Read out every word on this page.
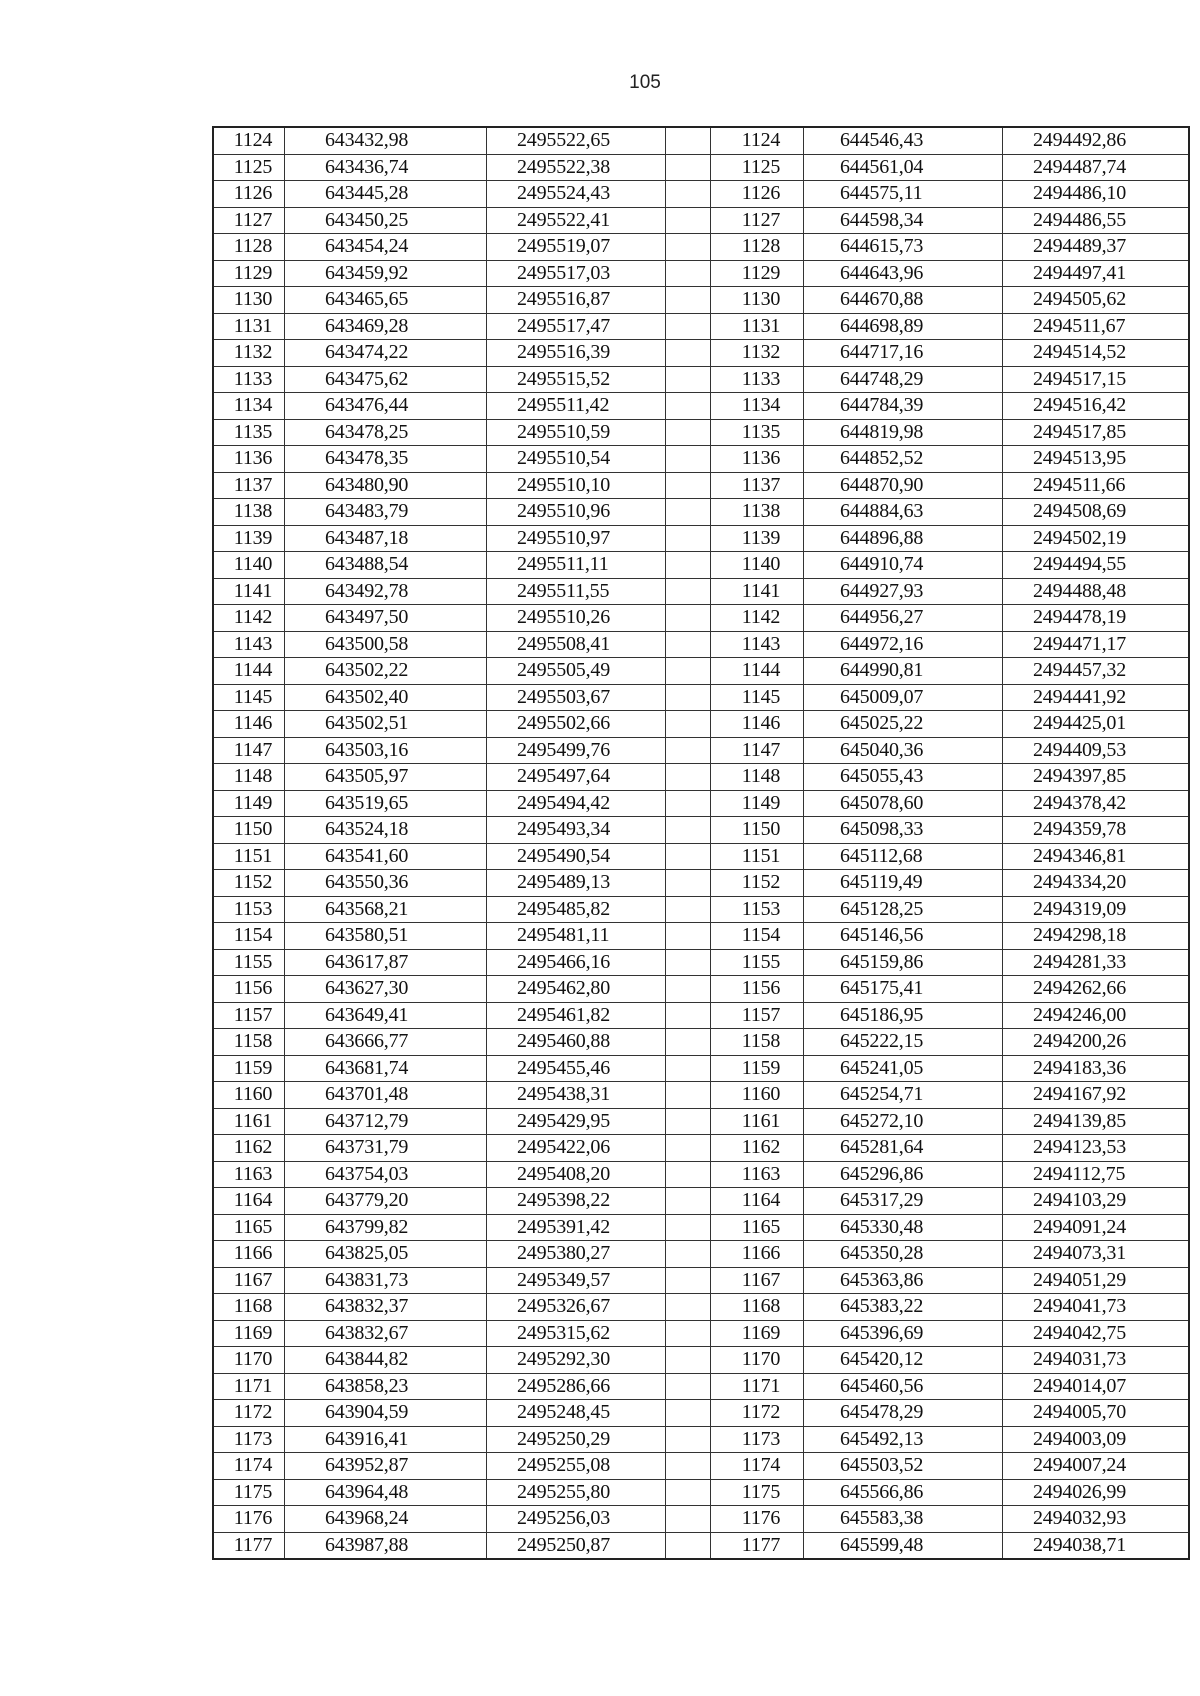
105
1124	643432,98	2495522,65		1124	644546,43	2494492,86
1125	643436,74	2495522,38		1125	644561,04	2494487,74
1126	643445,28	2495524,43		1126	644575,11	2494486,10
1127	643450,25	2495522,41		1127	644598,34	2494486,55
1128	643454,24	2495519,07		1128	644615,73	2494489,37
1129	643459,92	2495517,03		1129	644643,96	2494497,41
1130	643465,65	2495516,87		1130	644670,88	2494505,62
1131	643469,28	2495517,47		1131	644698,89	2494511,67
1132	643474,22	2495516,39		1132	644717,16	2494514,52
1133	643475,62	2495515,52		1133	644748,29	2494517,15
1134	643476,44	2495511,42		1134	644784,39	2494516,42
1135	643478,25	2495510,59		1135	644819,98	2494517,85
1136	643478,35	2495510,54		1136	644852,52	2494513,95
1137	643480,90	2495510,10		1137	644870,90	2494511,66
1138	643483,79	2495510,96		1138	644884,63	2494508,69
1139	643487,18	2495510,97		1139	644896,88	2494502,19
1140	643488,54	2495511,11		1140	644910,74	2494494,55
1141	643492,78	2495511,55		1141	644927,93	2494488,48
1142	643497,50	2495510,26		1142	644956,27	2494478,19
1143	643500,58	2495508,41		1143	644972,16	2494471,17
1144	643502,22	2495505,49		1144	644990,81	2494457,32
1145	643502,40	2495503,67		1145	645009,07	2494441,92
1146	643502,51	2495502,66		1146	645025,22	2494425,01
1147	643503,16	2495499,76		1147	645040,36	2494409,53
1148	643505,97	2495497,64		1148	645055,43	2494397,85
1149	643519,65	2495494,42		1149	645078,60	2494378,42
1150	643524,18	2495493,34		1150	645098,33	2494359,78
1151	643541,60	2495490,54		1151	645112,68	2494346,81
1152	643550,36	2495489,13		1152	645119,49	2494334,20
1153	643568,21	2495485,82		1153	645128,25	2494319,09
1154	643580,51	2495481,11		1154	645146,56	2494298,18
1155	643617,87	2495466,16		1155	645159,86	2494281,33
1156	643627,30	2495462,80		1156	645175,41	2494262,66
1157	643649,41	2495461,82		1157	645186,95	2494246,00
1158	643666,77	2495460,88		1158	645222,15	2494200,26
1159	643681,74	2495455,46		1159	645241,05	2494183,36
1160	643701,48	2495438,31		1160	645254,71	2494167,92
1161	643712,79	2495429,95		1161	645272,10	2494139,85
1162	643731,79	2495422,06		1162	645281,64	2494123,53
1163	643754,03	2495408,20		1163	645296,86	2494112,75
1164	643779,20	2495398,22		1164	645317,29	2494103,29
1165	643799,82	2495391,42		1165	645330,48	2494091,24
1166	643825,05	2495380,27		1166	645350,28	2494073,31
1167	643831,73	2495349,57		1167	645363,86	2494051,29
1168	643832,37	2495326,67		1168	645383,22	2494041,73
1169	643832,67	2495315,62		1169	645396,69	2494042,75
1170	643844,82	2495292,30		1170	645420,12	2494031,73
1171	643858,23	2495286,66		1171	645460,56	2494014,07
1172	643904,59	2495248,45		1172	645478,29	2494005,70
1173	643916,41	2495250,29		1173	645492,13	2494003,09
1174	643952,87	2495255,08		1174	645503,52	2494007,24
1175	643964,48	2495255,80		1175	645566,86	2494026,99
1176	643968,24	2495256,03		1176	645583,38	2494032,93
1177	643987,88	2495250,87		1177	645599,48	2494038,71
